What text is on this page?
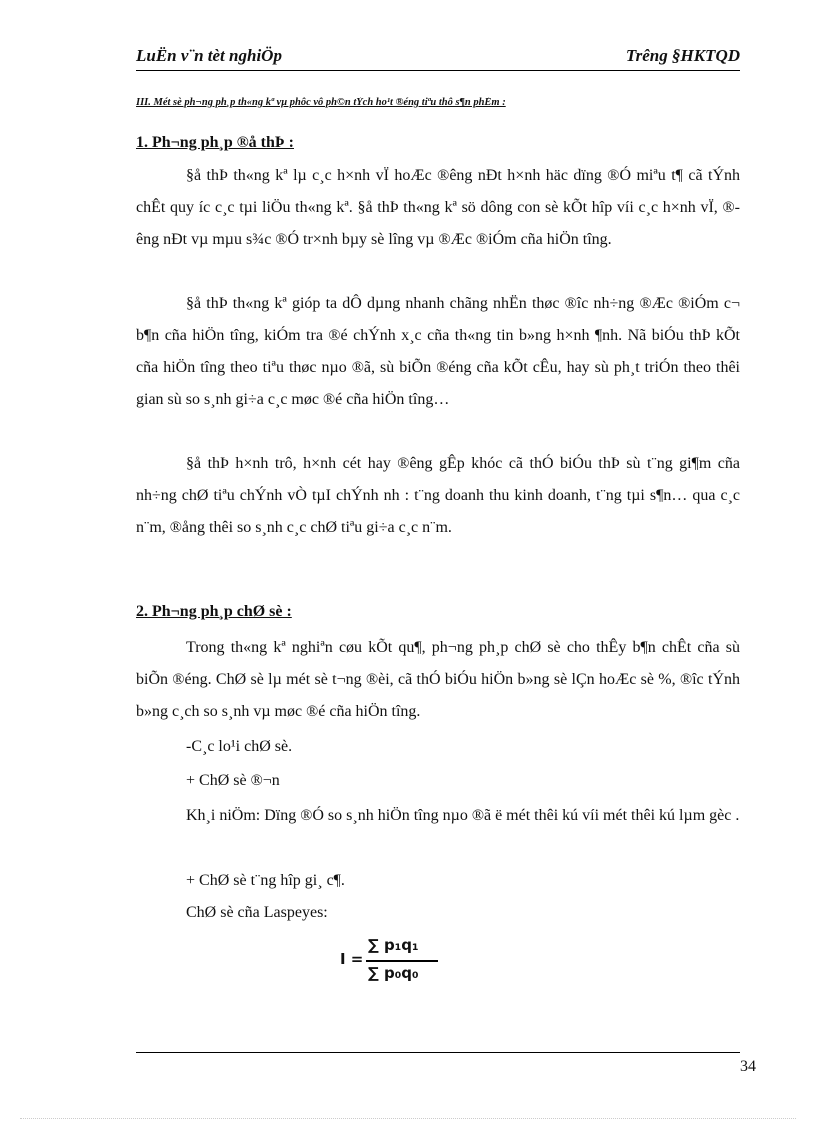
LuËn v¨n tèt nghiÖp	Trêng §HKTQD
III. Mét sè ph¬ng ph¸p th«ng kª vµ phôc vô ph©n tÝch ho¹t ®éng tiªu thô s¶n phÈm :
1. Ph¬ng ph¸p ®å thÞ :

§å thÞ th«ng kª lµ c¸c h×nh vÏ hoÆc ®êng nÐt h×nh häc dïng ®Ó miªu t¶ cã tÝnh chÊt quy íc c¸c tµi liÖu th«ng kª. §å thÞ th«ng kª sö dông con sè kÕt hîp víi c¸c h×nh vÏ, ®êng nÐt vµ mµu s¾c ®Ó tr×nh bµy sè lîng vµ ®Æc ®iÓm cña hiÖn tîng.

§å thÞ th«ng kª gióp ta dÔ dµng nhanh chãng nhËn thøc ®îc nh÷ng ®Æc ®iÓm c¬ b¶n cña hiÖn tîng, kiÓm tra ®é chÝnh x¸c cña th«ng tin b»ng h×nh ¶nh. Nã biÓu thÞ kÕt cña hiÖn tîng theo tiªu thøc nµo ®ã, sù biÕn ®éng cña kÕt cÊu, hay sù ph¸t triÓn theo thêi gian sù so s¸nh gi÷a c¸c møc ®é cña hiÖn tîng…

§å thÞ h×nh trô, h×nh cét hay ®êng gÊp khóc cã thÓ biÓu thÞ sù t¨ng gi¶m cña nh÷ng chØ tiªu chÝnh vÒ tµI chÝnh nh : t¨ng doanh thu kinh doanh, t¨ng tµi s¶n… qua c¸c n¨m, ®ång thêi so s¸nh c¸c chØ tiªu gi÷a c¸c n¨m.

2. Ph¬ng ph¸p chØ sè :

Trong th«ng kª nghiªn cøu kÕt qu¶, ph¬ng ph¸p chØ sè cho thÊy b¶n chÊt cña sù biÕn ®éng. ChØ sè lµ mét sè t¬ng ®èi, cã thÓ biÓu hiÖn b»ng sè lÇn hoÆc sè %, ®îc tÝnh b»ng c¸ch so s¸nh vµ møc ®é cña hiÖn tîng.

-C¸c lo¹i chØ sè.
+ ChØ sè ®¬n

Kh¸i niÖm: Dïng ®Ó so s¸nh hiÖn tîng nµo ®ã ë mét thêi kú víi mét thêi kú lµm gèc .

+ ChØ sè t¨ng hîp gi¸ c¶.
ChØ sè cña Laspeyes:
I =
∑ p₁q₁
∑ p₀q₀
34
